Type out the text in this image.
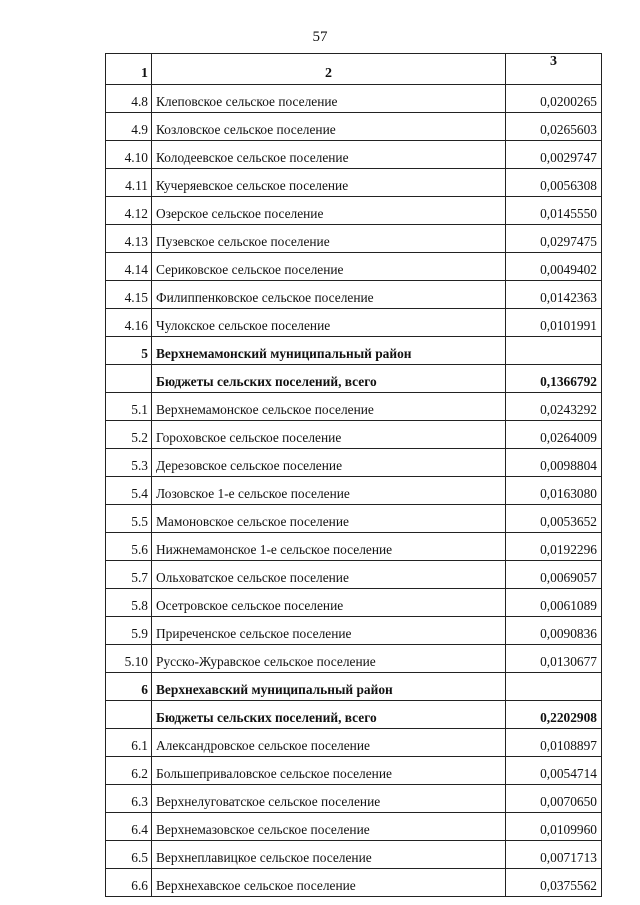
57
1	2	3
4.8	Клеповское сельское поселение	0,0200265
4.9	Козловское сельское поселение	0,0265603
4.10	Колодеевское сельское поселение	0,0029747
4.11	Кучеряевское сельское поселение	0,0056308
4.12	Озерское сельское поселение	0,0145550
4.13	Пузевское сельское поселение	0,0297475
4.14	Сериковское сельское поселение	0,0049402
4.15	Филиппенковское сельское поселение	0,0142363
4.16	Чулокское сельское поселение	0,0101991
5	Верхнемамонский муниципальный район	
	Бюджеты сельских поселений, всего	0,1366792
5.1	Верхнемамонское сельское поселение	0,0243292
5.2	Гороховское сельское поселение	0,0264009
5.3	Дерезовское сельское поселение	0,0098804
5.4	Лозовское 1-е сельское поселение	0,0163080
5.5	Мамоновское сельское поселение	0,0053652
5.6	Нижнемамонское 1-е сельское поселение	0,0192296
5.7	Ольховатское сельское поселение	0,0069057
5.8	Осетровское сельское поселение	0,0061089
5.9	Приреченское сельское поселение	0,0090836
5.10	Русско-Журавское сельское поселение	0,0130677
6	Верхнехавский муниципальный район	
	Бюджеты сельских поселений, всего	0,2202908
6.1	Александровское сельское поселение	0,0108897
6.2	Большеприваловское сельское поселение	0,0054714
6.3	Верхнелуговатское сельское поселение	0,0070650
6.4	Верхнемазовское сельское поселение	0,0109960
6.5	Верхнеплавицкое сельское поселение	0,0071713
6.6	Верхнехавское сельское поселение	0,0375562
